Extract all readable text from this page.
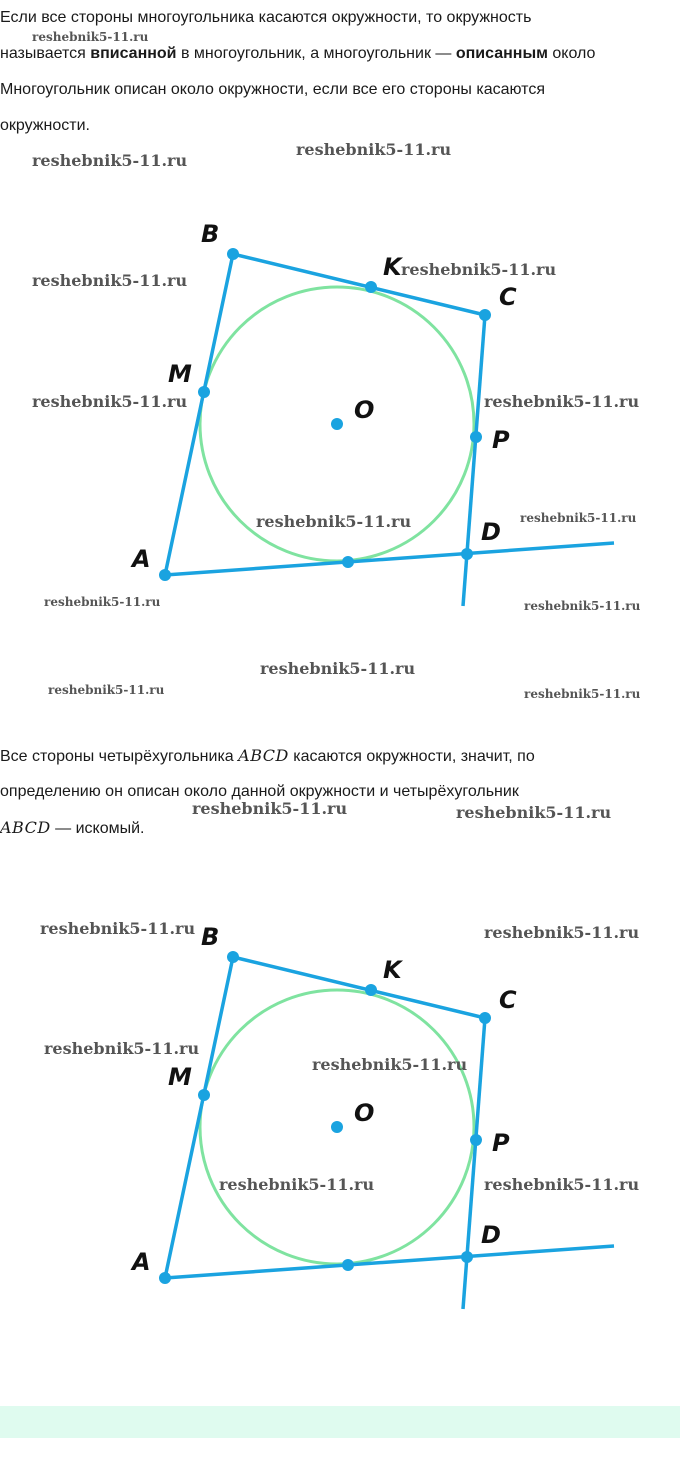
Если все стороны многоугольника касаются окружности, то окружность
называется вписанной в многоугольник, а многоугольник — описанным около
Многоугольник описан около окружности, если все его стороны касаются
окружности.
B
K
C
M
O
P
D
A
Все стороны четырёхугольника ABCD касаются окружности, значит, по
определению он описан около данной окружности и четырёхугольник
ABCD — искомый.
B
K
C
M
O
P
D
A
reshebnik5-11.ru
reshebnik5-11.ru
reshebnik5-11.ru
reshebnik5-11.ru
reshebnik5-11.ru
reshebnik5-11.ru	reshebnik5-11.ru
reshebnik5-11.ru	reshebnik5-11.ru
reshebnik5-11.ru	reshebnik5-11.ru
reshebnik5-11.ru
reshebnik5-11.ru	reshebnik5-11.ru
reshebnik5-11.ru	reshebnik5-11.ru
reshebnik5-11.ru	reshebnik5-11.ru
reshebnik5-11.ru
reshebnik5-11.ru
reshebnik5-11.ru	reshebnik5-11.ru
